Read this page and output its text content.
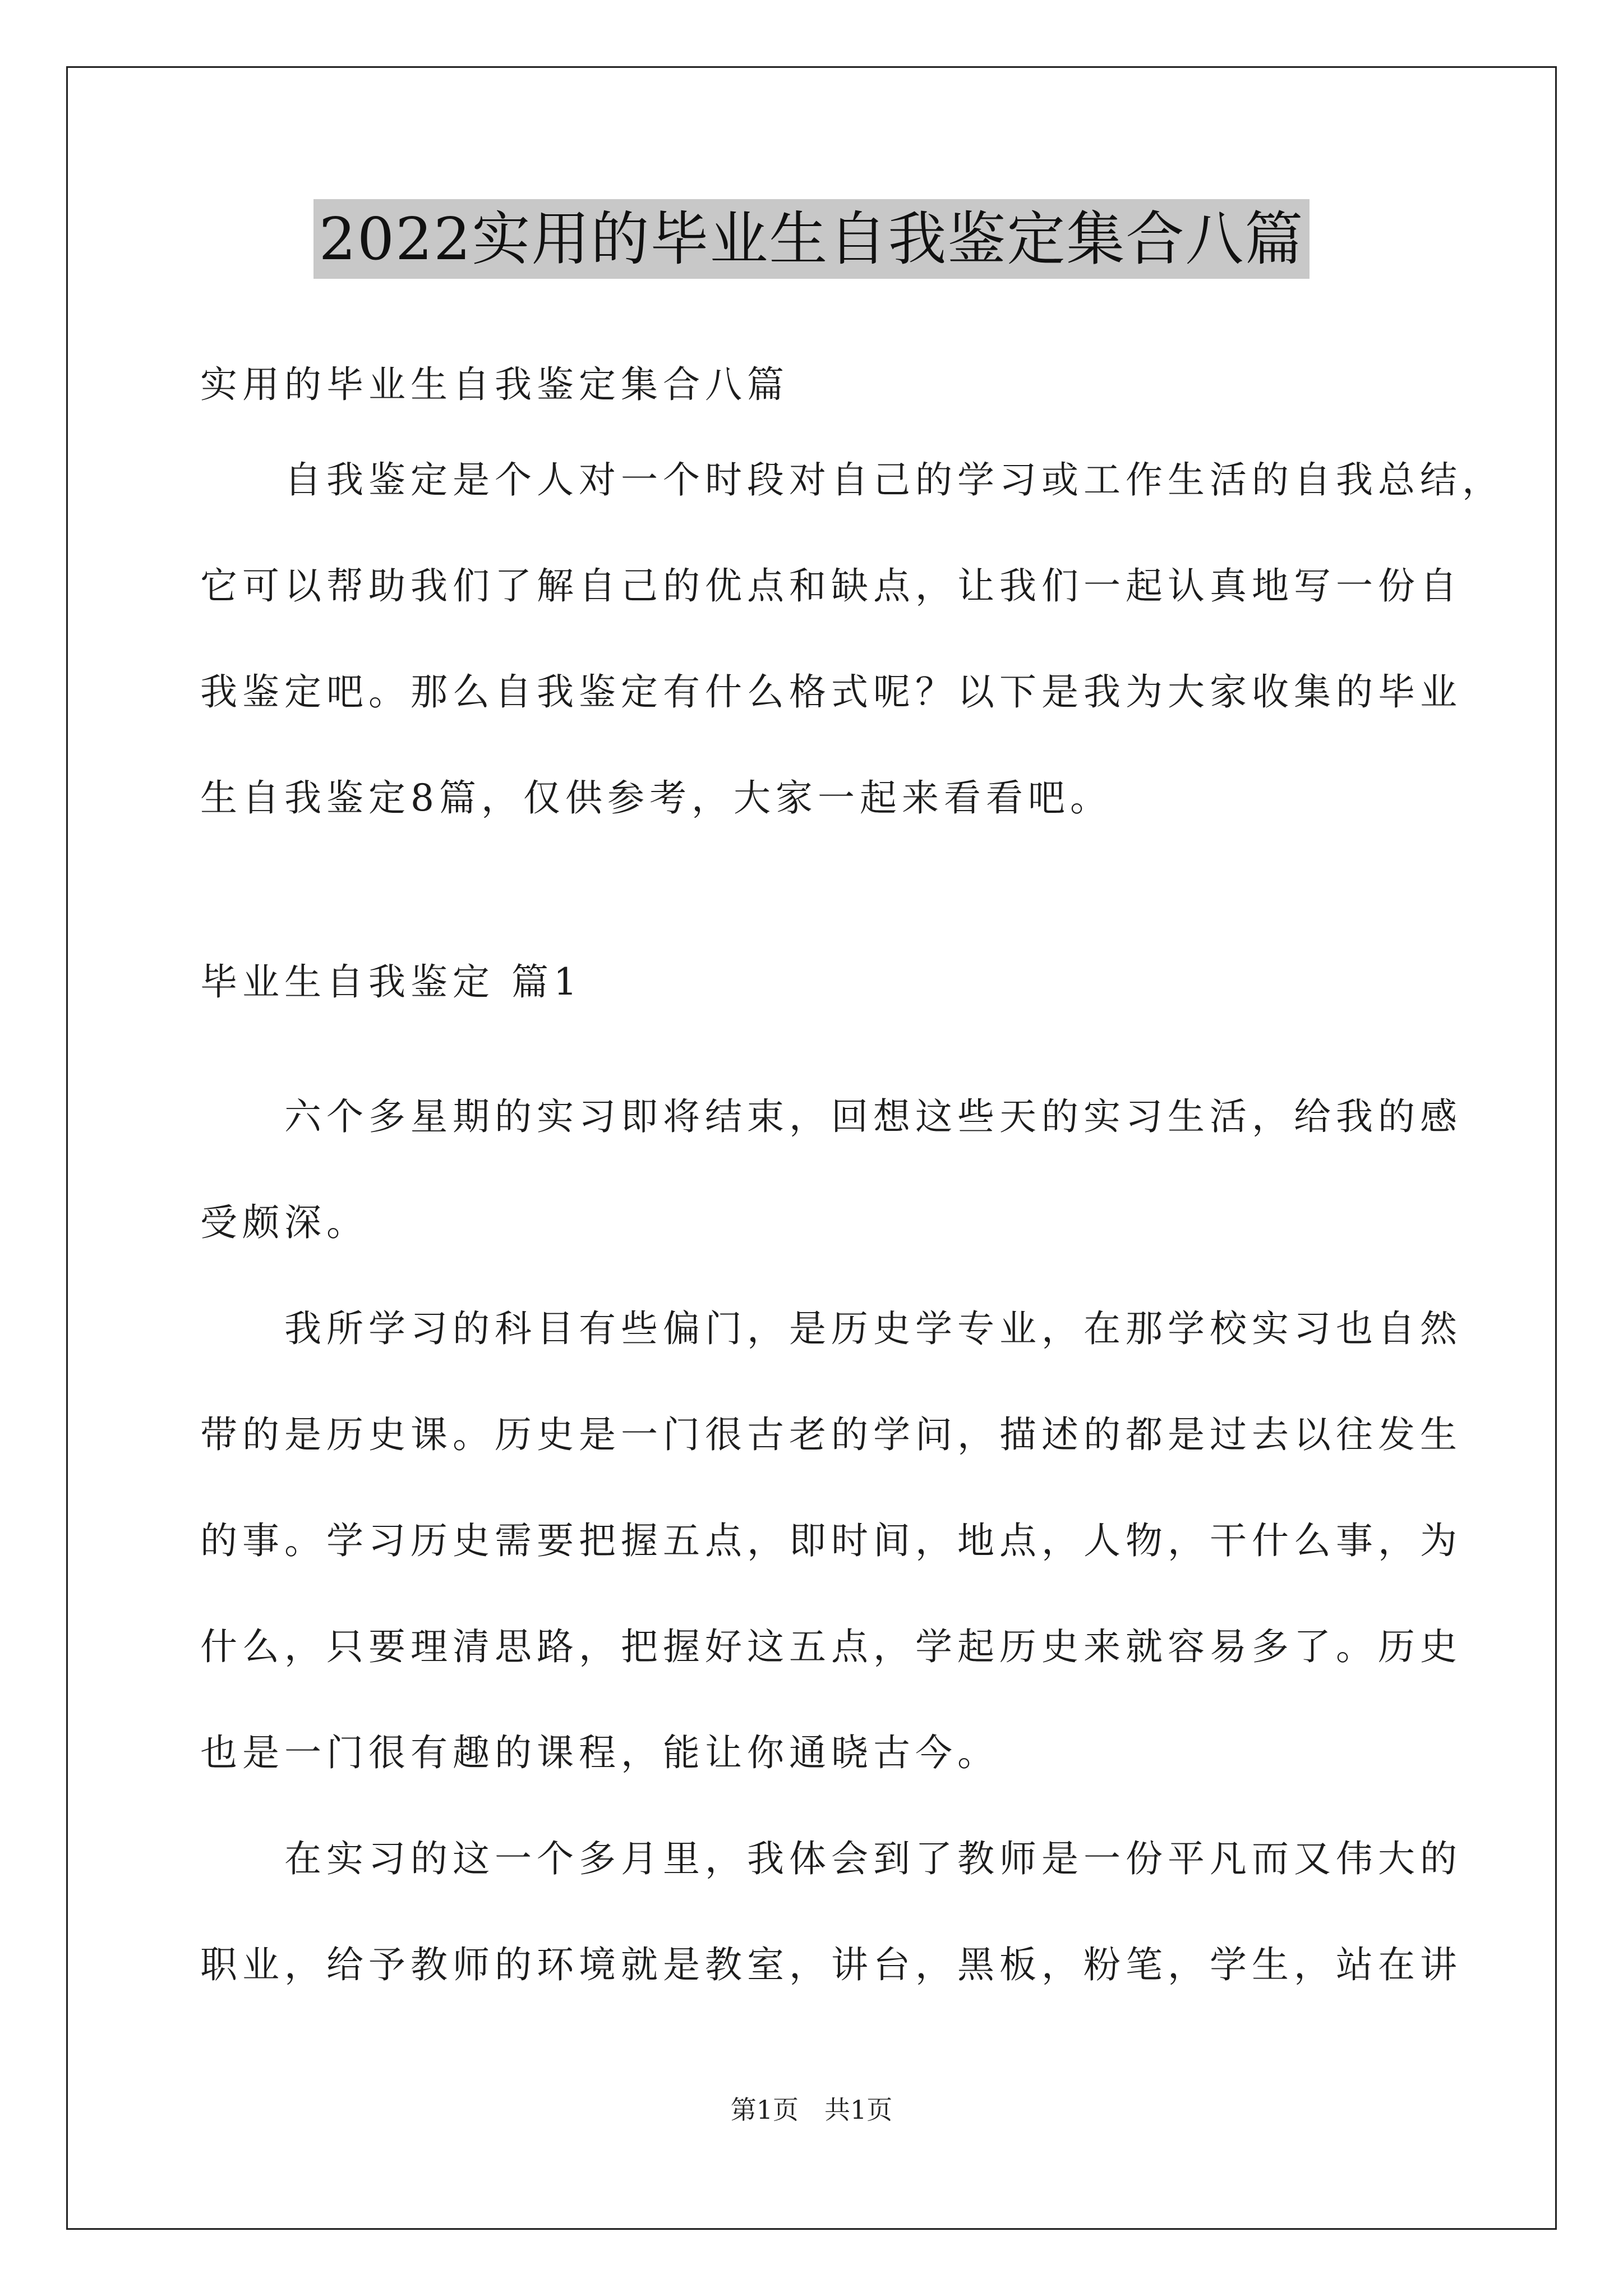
2022实用的毕业生自我鉴定集合八篇
实用的毕业生自我鉴定集合八篇
　　自我鉴定是个人对一个时段对自己的学习或工作生活的自我总结，
它可以帮助我们了解自己的优点和缺点，让我们一起认真地写一份自
我鉴定吧。那么自我鉴定有什么格式呢？以下是我为大家收集的毕业
生自我鉴定8篇，仅供参考，大家一起来看看吧。
毕业生自我鉴定 篇1
　　六个多星期的实习即将结束，回想这些天的实习生活，给我的感
受颇深。
　　我所学习的科目有些偏门，是历史学专业，在那学校实习也自然
带的是历史课。历史是一门很古老的学问，描述的都是过去以往发生
的事。学习历史需要把握五点，即时间，地点，人物，干什么事，为
什么，只要理清思路，把握好这五点，学起历史来就容易多了。历史
也是一门很有趣的课程，能让你通晓古今。
　　在实习的这一个多月里，我体会到了教师是一份平凡而又伟大的
职业，给予教师的环境就是教室，讲台，黑板，粉笔，学生，站在讲
第1页　共1页
